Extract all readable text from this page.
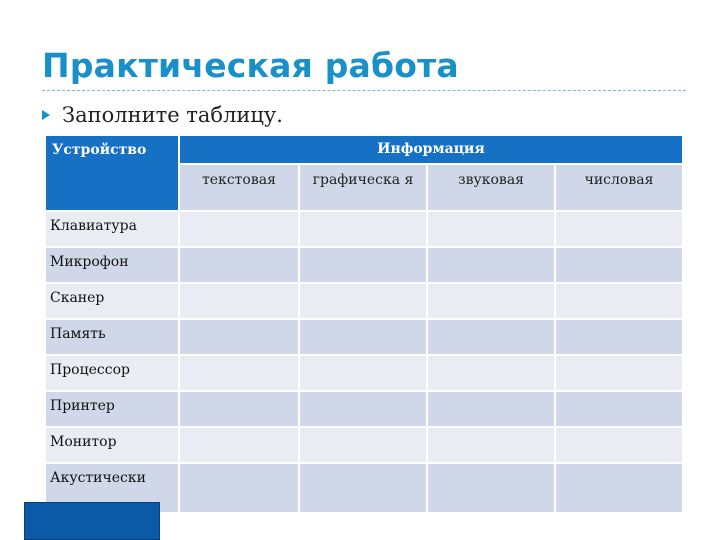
Практическая работа
Заполните таблицу.
Устройство	Информация			
	текстовая	графическа я	звуковая	числовая
Клавиатура				
Микрофон				
Сканер				
Память				
Процессор				
Принтер				
Монитор				
Акустически				
